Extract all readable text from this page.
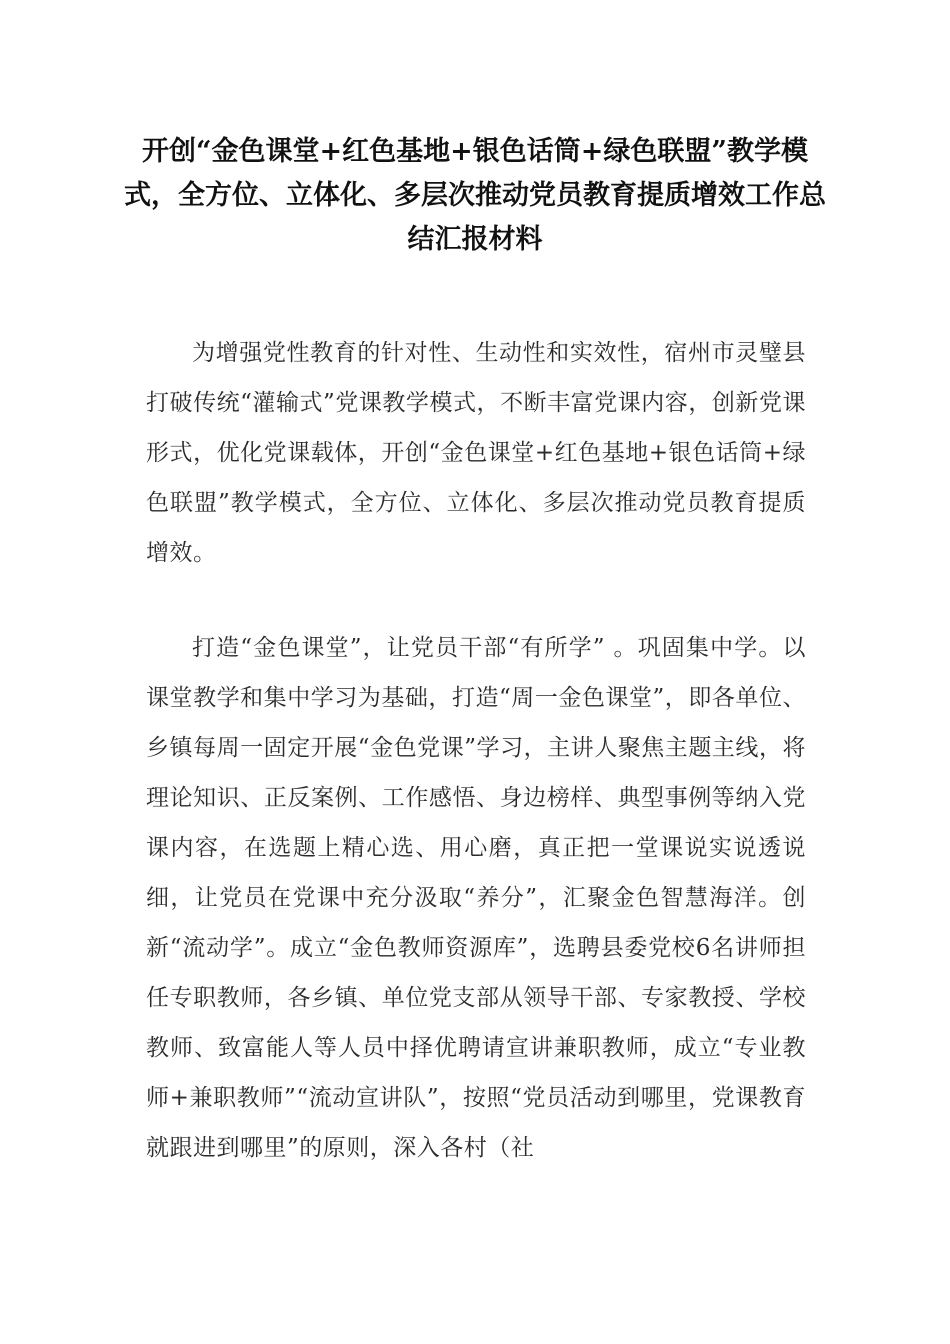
开创“金色课堂+红色基地+银色话筒+绿色联盟”教学模式，全方位、立体化、多层次推动党员教育提质增效工作总结汇报材料

为增强党性教育的针对性、生动性和实效性，宿州市灵璧县打破传统“灌输式”党课教学模式，不断丰富党课内容，创新党课形式，优化党课载体，开创“金色课堂+红色基地+银色话筒+绿色联盟”教学模式，全方位、立体化、多层次推动党员教育提质增效。

打造“金色课堂”，让党员干部“有所学” 。巩固集中学。以课堂教学和集中学习为基础，打造“周一金色课堂”，即各单位、乡镇每周一固定开展“金色党课”学习，主讲人聚焦主题主线，将理论知识、正反案例、工作感悟、身边榜样、典型事例等纳入党课内容，在选题上精心选、用心磨，真正把一堂课说实说透说细，让党员在党课中充分汲取“养分”，汇聚金色智慧海洋。创新“流动学”。成立“金色教师资源库”，选聘县委党校6名讲师担任专职教师，各乡镇、单位党支部从领导干部、专家教授、学校教师、致富能人等人员中择优聘请宣讲兼职教师，成立“专业教师+兼职教师”“流动宣讲队”，按照“党员活动到哪里，党课教育就跟进到哪里”的原则，深入各村（社
